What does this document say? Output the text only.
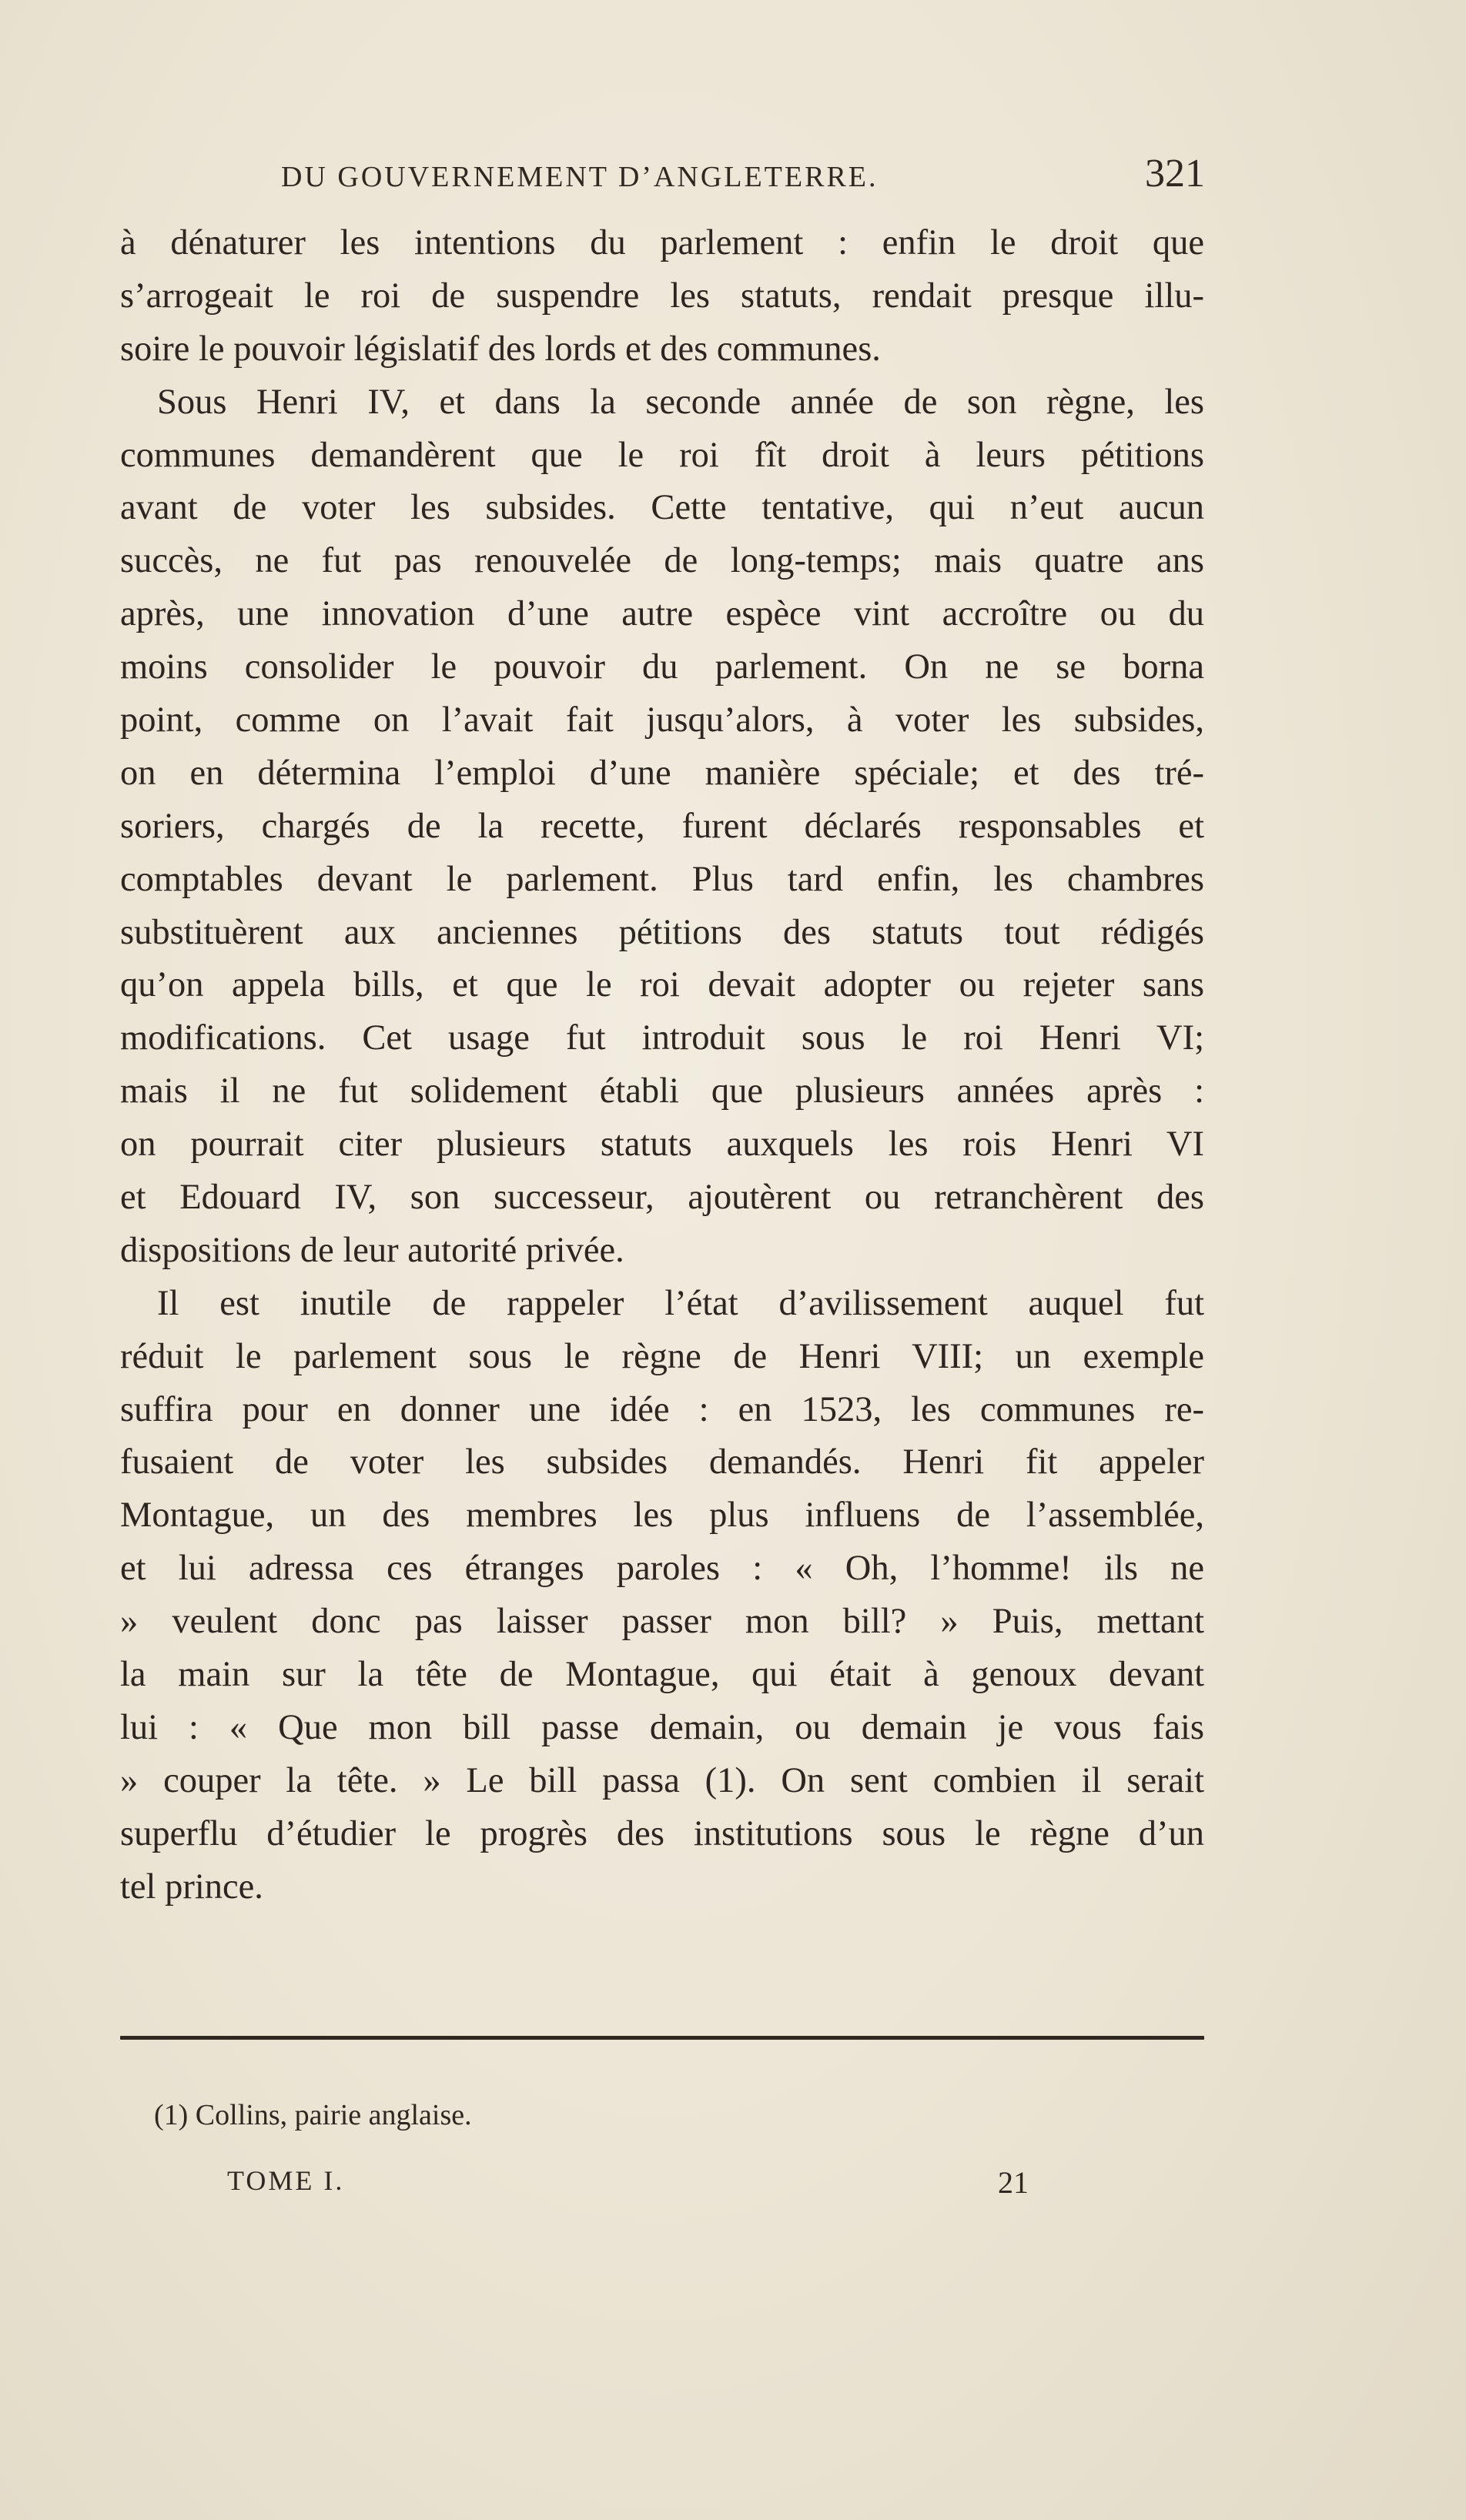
DU GOUVERNEMENT D’ANGLETERRE.	321
à dénaturer les intentions du parlement : enfin le droit que
s’arrogeait le roi de suspendre les statuts, rendait presque illu-
soire le pouvoir législatif des lords et des communes.
Sous Henri IV, et dans la seconde année de son règne, les
communes demandèrent que le roi fît droit à leurs pétitions
avant de voter les subsides. Cette tentative, qui n’eut aucun
succès, ne fut pas renouvelée de long-temps; mais quatre ans
après, une innovation d’une autre espèce vint accroître ou du
moins consolider le pouvoir du parlement. On ne se borna
point, comme on l’avait fait jusqu’alors, à voter les subsides,
on en détermina l’emploi d’une manière spéciale; et des tré-
soriers, chargés de la recette, furent déclarés responsables et
comptables devant le parlement. Plus tard enfin, les chambres
substituèrent aux anciennes pétitions des statuts tout rédigés
qu’on appela bills, et que le roi devait adopter ou rejeter sans
modifications. Cet usage fut introduit sous le roi Henri VI;
mais il ne fut solidement établi que plusieurs années après :
on pourrait citer plusieurs statuts auxquels les rois Henri VI
et Edouard IV, son successeur, ajoutèrent ou retranchèrent des
dispositions de leur autorité privée.
Il est inutile de rappeler l’état d’avilissement auquel fut
réduit le parlement sous le règne de Henri VIII; un exemple
suffira pour en donner une idée : en 1523, les communes re-
fusaient de voter les subsides demandés. Henri fit appeler
Montague, un des membres les plus influens de l’assemblée,
et lui adressa ces étranges paroles : « Oh, l’homme! ils ne
» veulent donc pas laisser passer mon bill? » Puis, mettant
la main sur la tête de Montague, qui était à genoux devant
lui : « Que mon bill passe demain, ou demain je vous fais
» couper la tête. » Le bill passa (1). On sent combien il serait
superflu d’étudier le progrès des institutions sous le règne d’un
tel prince.
(1) Collins, pairie anglaise.
TOME I.	21
